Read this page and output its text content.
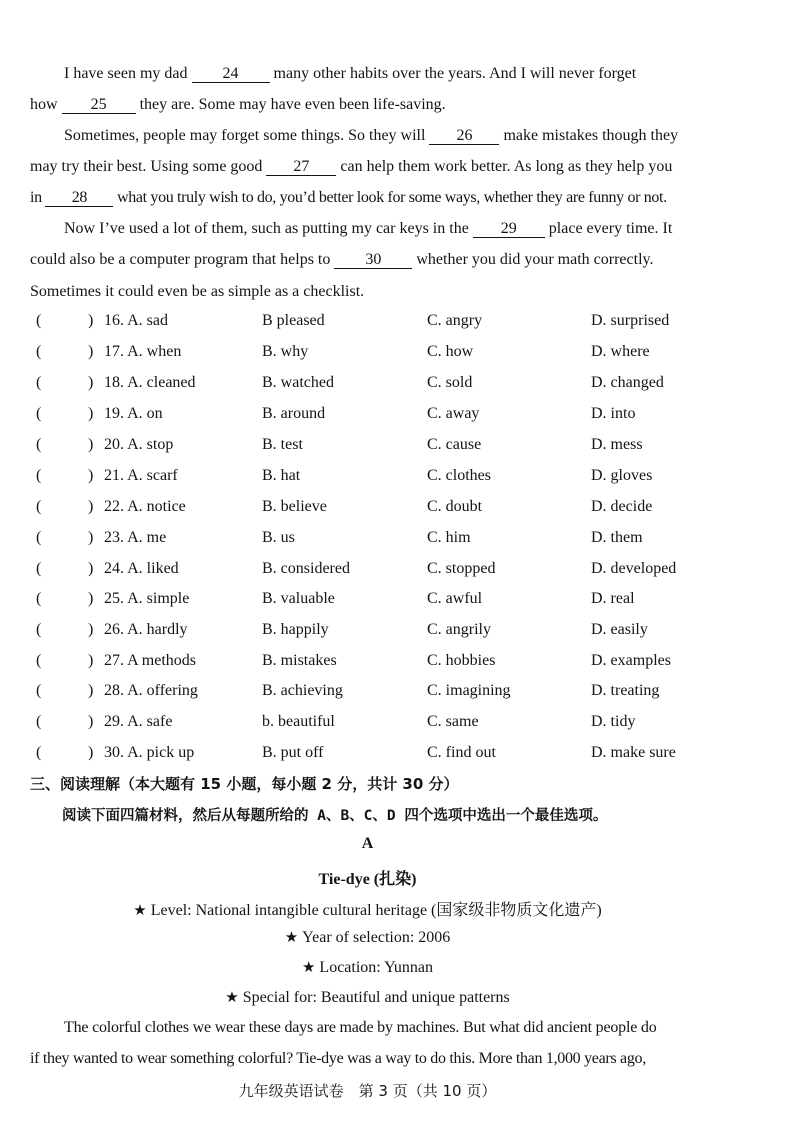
I have seen my dad 24 many other habits over the years. And I will never forget
how 25 they are. Some may have even been life-saving.
Sometimes, people may forget some things. So they will 26 make mistakes though they
may try their best. Using some good 27 can help them work better. As long as they help you
in 28 what you truly wish to do, you’d better look for some ways, whether they are funny or not.
Now I’ve used a lot of them, such as putting my car keys in the 29 place every time. It
could also be a computer program that helps to 30 whether you did your math correctly.
Sometimes it could even be as simple as a checklist.
(	) 16. A. sad	B pleased	C. angry	D. surprised
(	) 17. A. when	B. why	C. how	D. where
(	) 18. A. cleaned	B. watched	C. sold	D. changed
(	) 19. A. on	B. around	C. away	D. into
(	) 20. A. stop	B. test	C. cause	D. mess
(	) 21. A. scarf	B. hat	C. clothes	D. gloves
(	) 22. A. notice	B. believe	C. doubt	D. decide
(	) 23. A. me	B. us	C. him	D. them
(	) 24. A. liked	B. considered	C. stopped	D. developed
(	) 25. A. simple	B. valuable	C. awful	D. real
(	) 26. A. hardly	B. happily	C. angrily	D. easily
(	) 27. A methods	B. mistakes	C. hobbies	D. examples
(	) 28. A. offering	B. achieving	C. imagining	D. treating
(	) 29. A. safe	b. beautiful	C. same	D. tidy
(	) 30. A. pick up	B. put off	C. find out	D. make sure
三、阅读理解（本大题有 15 小题，每小题 2 分，共计 30 分）
阅读下面四篇材料，然后从每题所给的 A、B、C、D 四个选项中选出一个最佳选项。
A
Tie-dye (扎染)
★ Level: National intangible cultural heritage (国家级非物质文化遗产)
★ Year of selection: 2006
★ Location: Yunnan
★ Special for: Beautiful and unique patterns
The colorful clothes we wear these days are made by machines. But what did ancient people do
if they wanted to wear something colorful? Tie-dye was a way to do this. More than 1,000 years ago,
九年级英语试卷　第 3 页（共 10 页）
